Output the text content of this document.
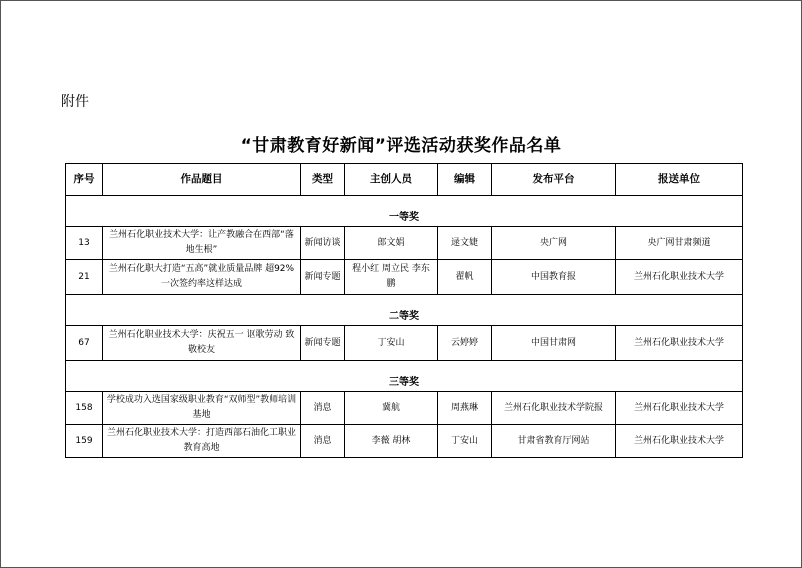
附件
“甘肃教育好新闻”评选活动获奖作品名单
序号	作品题目	类型	主创人员	编辑	发布平台	报送单位
一等奖						
13	兰州石化职业技术大学：让产教融合在西部“落地生根”	新闻访谈	郎文娟	逯文婕	央广网	央广网甘肃频道
21	兰州石化职大打造“五高”就业质量品牌 超92%一次签约率这样达成	新闻专题	程小红 周立民 李东鹏	翟帆	中国教育报	兰州石化职业技术大学
二等奖						
67	兰州石化职业技术大学：庆祝五一 讴歌劳动 致敬校友	新闻专题	丁安山	云婷婷	中国甘肃网	兰州石化职业技术大学
三等奖						
158	学校成功入选国家级职业教育“双师型”教师培训基地	消息	冀航	周燕琳	兰州石化职业技术学院报	兰州石化职业技术大学
159	兰州石化职业技术大学：打造西部石油化工职业教育高地	消息	李薇 胡林	丁安山	甘肃省教育厅网站	兰州石化职业技术大学
